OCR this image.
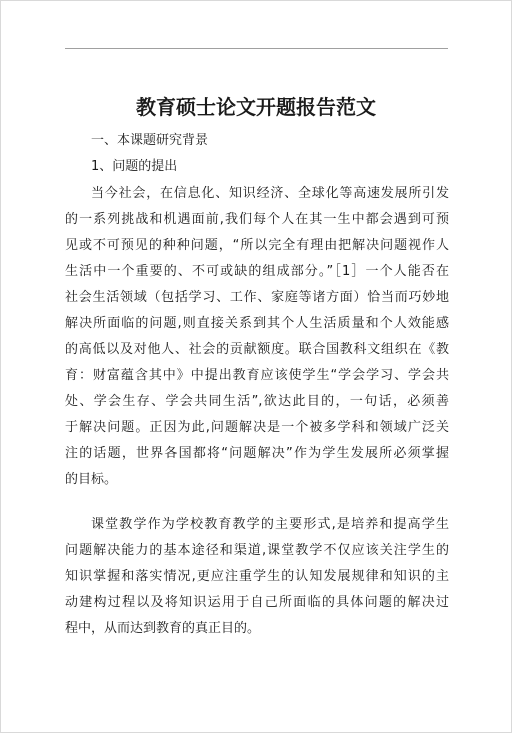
教育硕士论文开题报告范文

一、本课题研究背景

1、问题的提出

当今社会，在信息化、知识经济、全球化等高速发展所引发
的一系列挑战和机遇面前,我们每个人在其一生中都会遇到可预
见或不可预见的种种问题，“所以完全有理由把解决问题视作人
生活中一个重要的、不可或缺的组成部分。”［1］一个人能否在
社会生活领域（包括学习、工作、家庭等诸方面）恰当而巧妙地
解决所面临的问题,则直接关系到其个人生活质量和个人效能感
的高低以及对他人、社会的贡献额度。联合国教科文组织在《教
育：财富蕴含其中》中提出教育应该使学生“学会学习、学会共
处、学会生存、学会共同生活”,欲达此目的，一句话，必须善
于解决问题。正因为此,问题解决是一个被多学科和领域广泛关
注的话题，世界各国都将“问题解决”作为学生发展所必须掌握
的目标。
课堂教学作为学校教育教学的主要形式,是培养和提高学生
问题解决能力的基本途径和渠道,课堂教学不仅应该关注学生的
知识掌握和落实情况,更应注重学生的认知发展规律和知识的主
动建构过程以及将知识运用于自己所面临的具体问题的解决过
程中，从而达到教育的真正目的。
